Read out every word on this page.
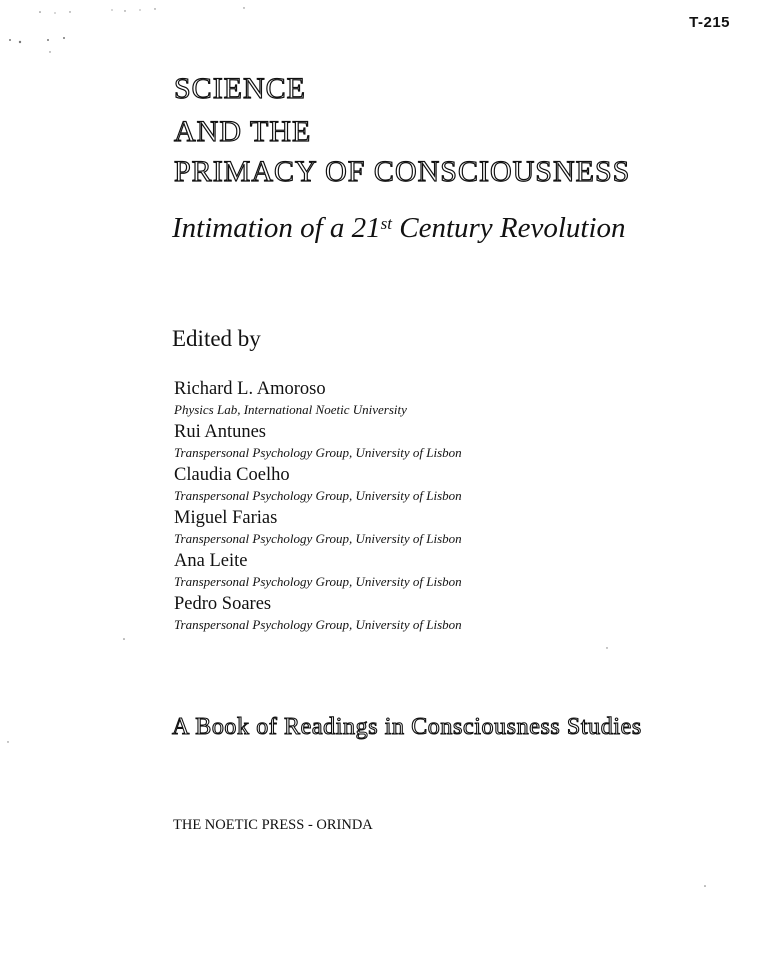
T-215
SCIENCE
AND THE
PRIMACY OF CONSCIOUSNESS
Intimation of a 21st Century Revolution
Edited by
Richard L. Amoroso
Physics Lab, International Noetic University
Rui Antunes
Transpersonal Psychology Group, University of Lisbon
Claudia Coelho
Transpersonal Psychology Group, University of Lisbon
Miguel Farias
Transpersonal Psychology Group, University of Lisbon
Ana Leite
Transpersonal Psychology Group, University of Lisbon
Pedro Soares
Transpersonal Psychology Group, University of Lisbon
A Book of Readings in Consciousness Studies
THE NOETIC PRESS - ORINDA
